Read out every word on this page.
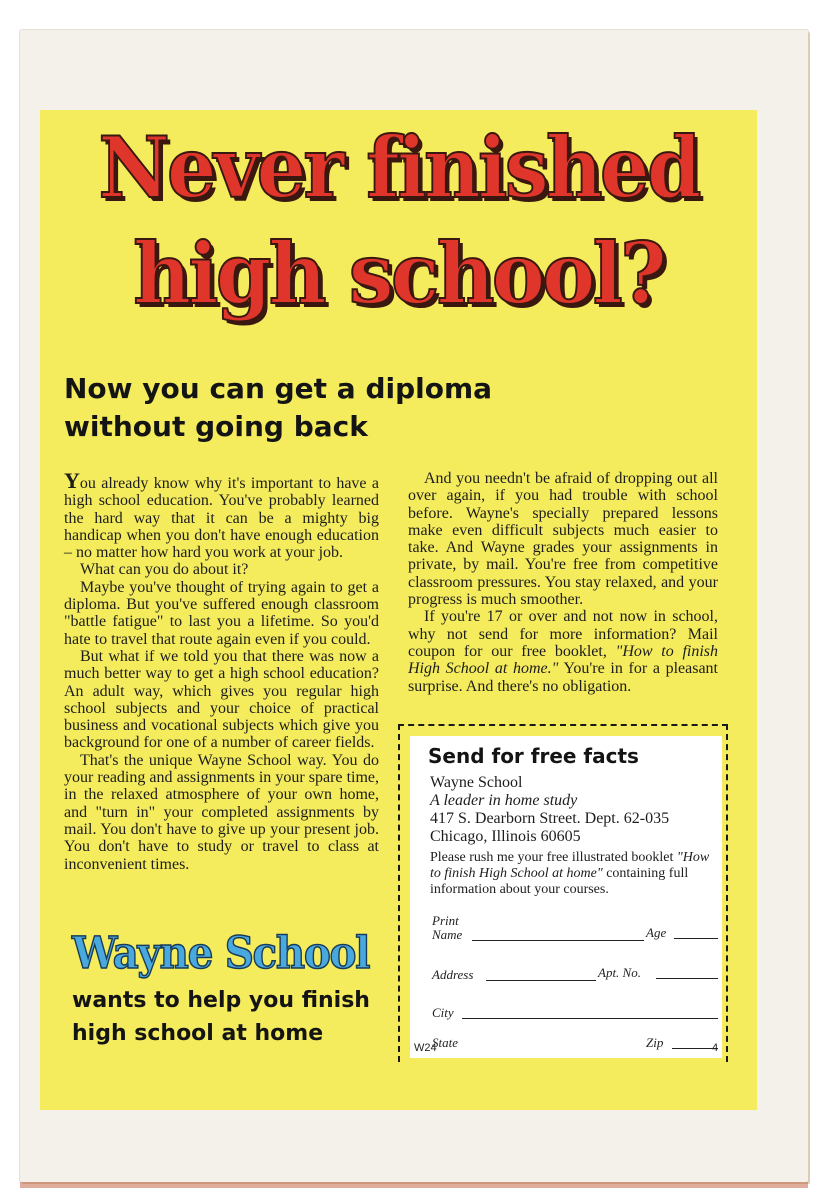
Never finished
high school?
Now you can get a diploma
without going back

You already know why it's important to have a high school education. You've probably learned the hard way that it can be a mighty big handicap when you don't have enough education – no matter how hard you work at your job.

What can you do about it?

Maybe you've thought of trying again to get a diploma. But you've suffered enough classroom "battle fatigue" to last you a lifetime. So you'd hate to travel that route again even if you could.

But what if we told you that there was now a much better way to get a high school education? An adult way, which gives you regular high school subjects and your choice of practical business and vocational subjects which give you background for one of a number of career fields.

That's the unique Wayne School way. You do your reading and assignments in your spare time, in the relaxed atmosphere of your own home, and "turn in" your completed assignments by mail. You don't have to give up your present job. You don't have to study or travel to class at inconvenient times.

And you needn't be afraid of dropping out all over again, if you had trouble with school before. Wayne's specially prepared lessons make even difficult subjects much easier to take. And Wayne grades your assignments in private, by mail. You're free from competitive classroom pressures. You stay relaxed, and your progress is much smoother.

If you're 17 or over and not now in school, why not send for more information? Mail coupon for our free booklet, "How to finish High School at home." You're in for a pleasant surprise. And there's no obligation.

Wayne School
wants to help you finish
high school at home
Send for free facts
Wayne School
A leader in home study
417 S. Dearborn Street. Dept. 62-035
Chicago, Illinois 60605
Please rush me your free illustrated booklet "How to finish High School at home" containing full information about your courses.
Print
Name	Age
Address	Apt. No.
City
State	Zip
W24	4
